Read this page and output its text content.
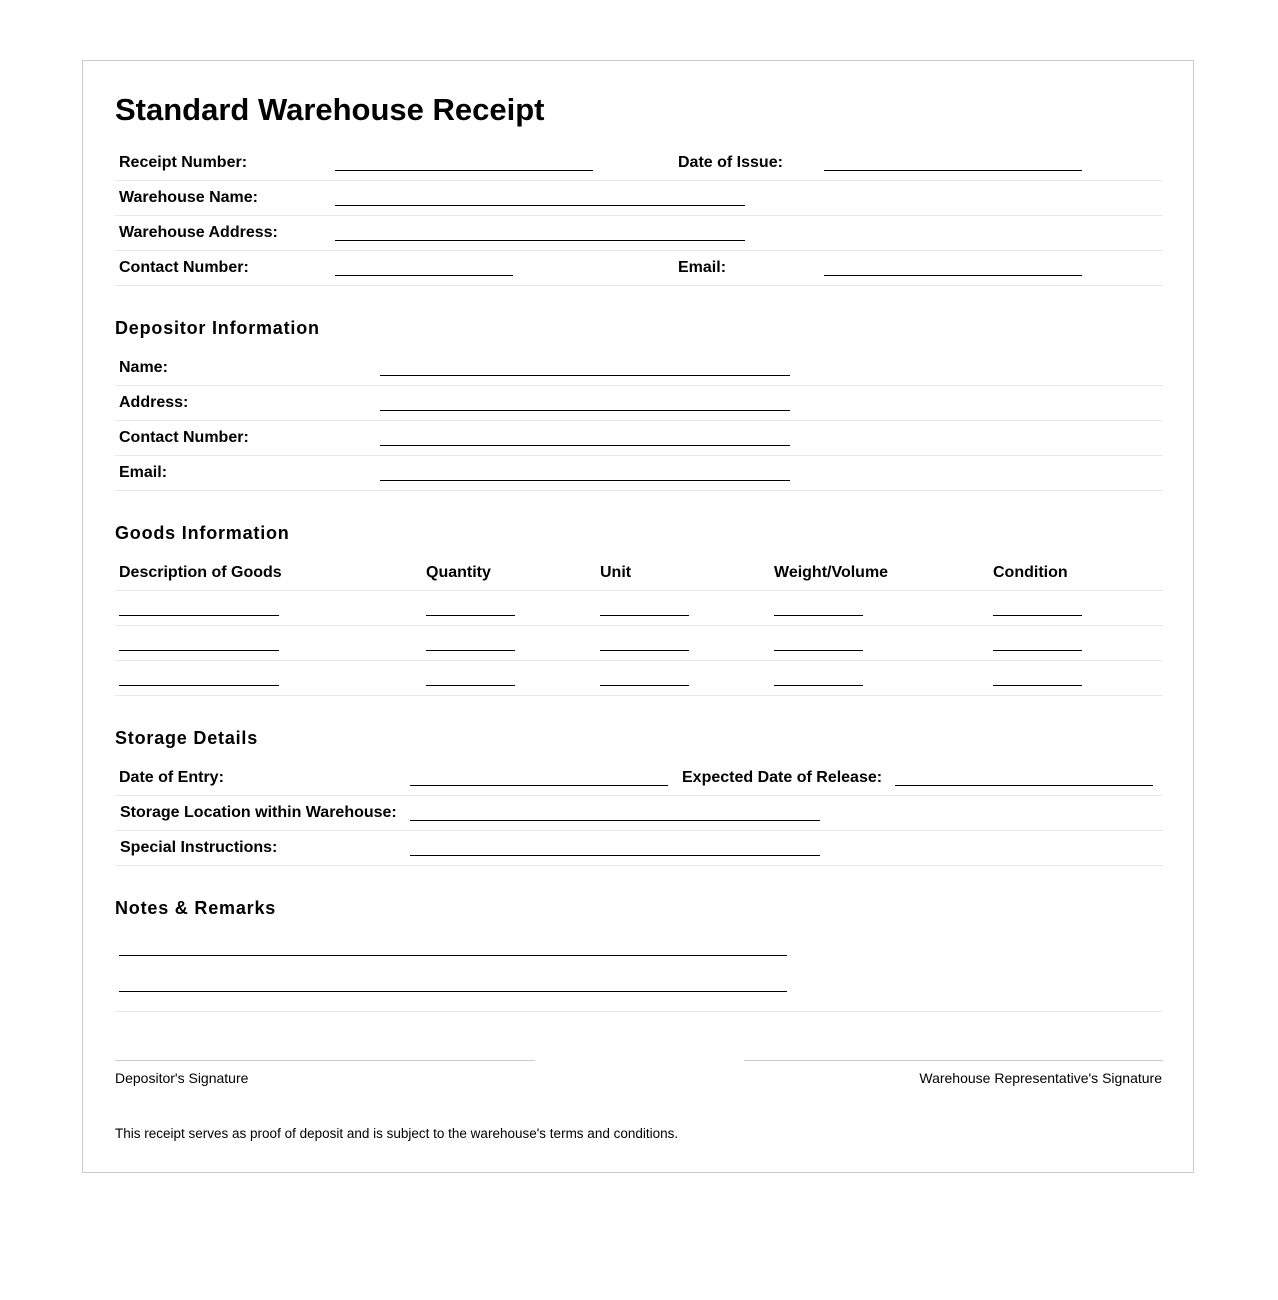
Standard Warehouse Receipt
Receipt Number:	Date of Issue:
Warehouse Name:
Warehouse Address:
Contact Number:	Email:
Depositor Information
Name:
Address:
Contact Number:
Email:
Goods Information
Description of Goods	Quantity	Unit	Weight/Volume	Condition
Storage Details
Date of Entry:	Expected Date of Release:
Storage Location within Warehouse:
Special Instructions:
Notes & Remarks
Depositor's Signature	Warehouse Representative's Signature
This receipt serves as proof of deposit and is subject to the warehouse's terms and conditions.
